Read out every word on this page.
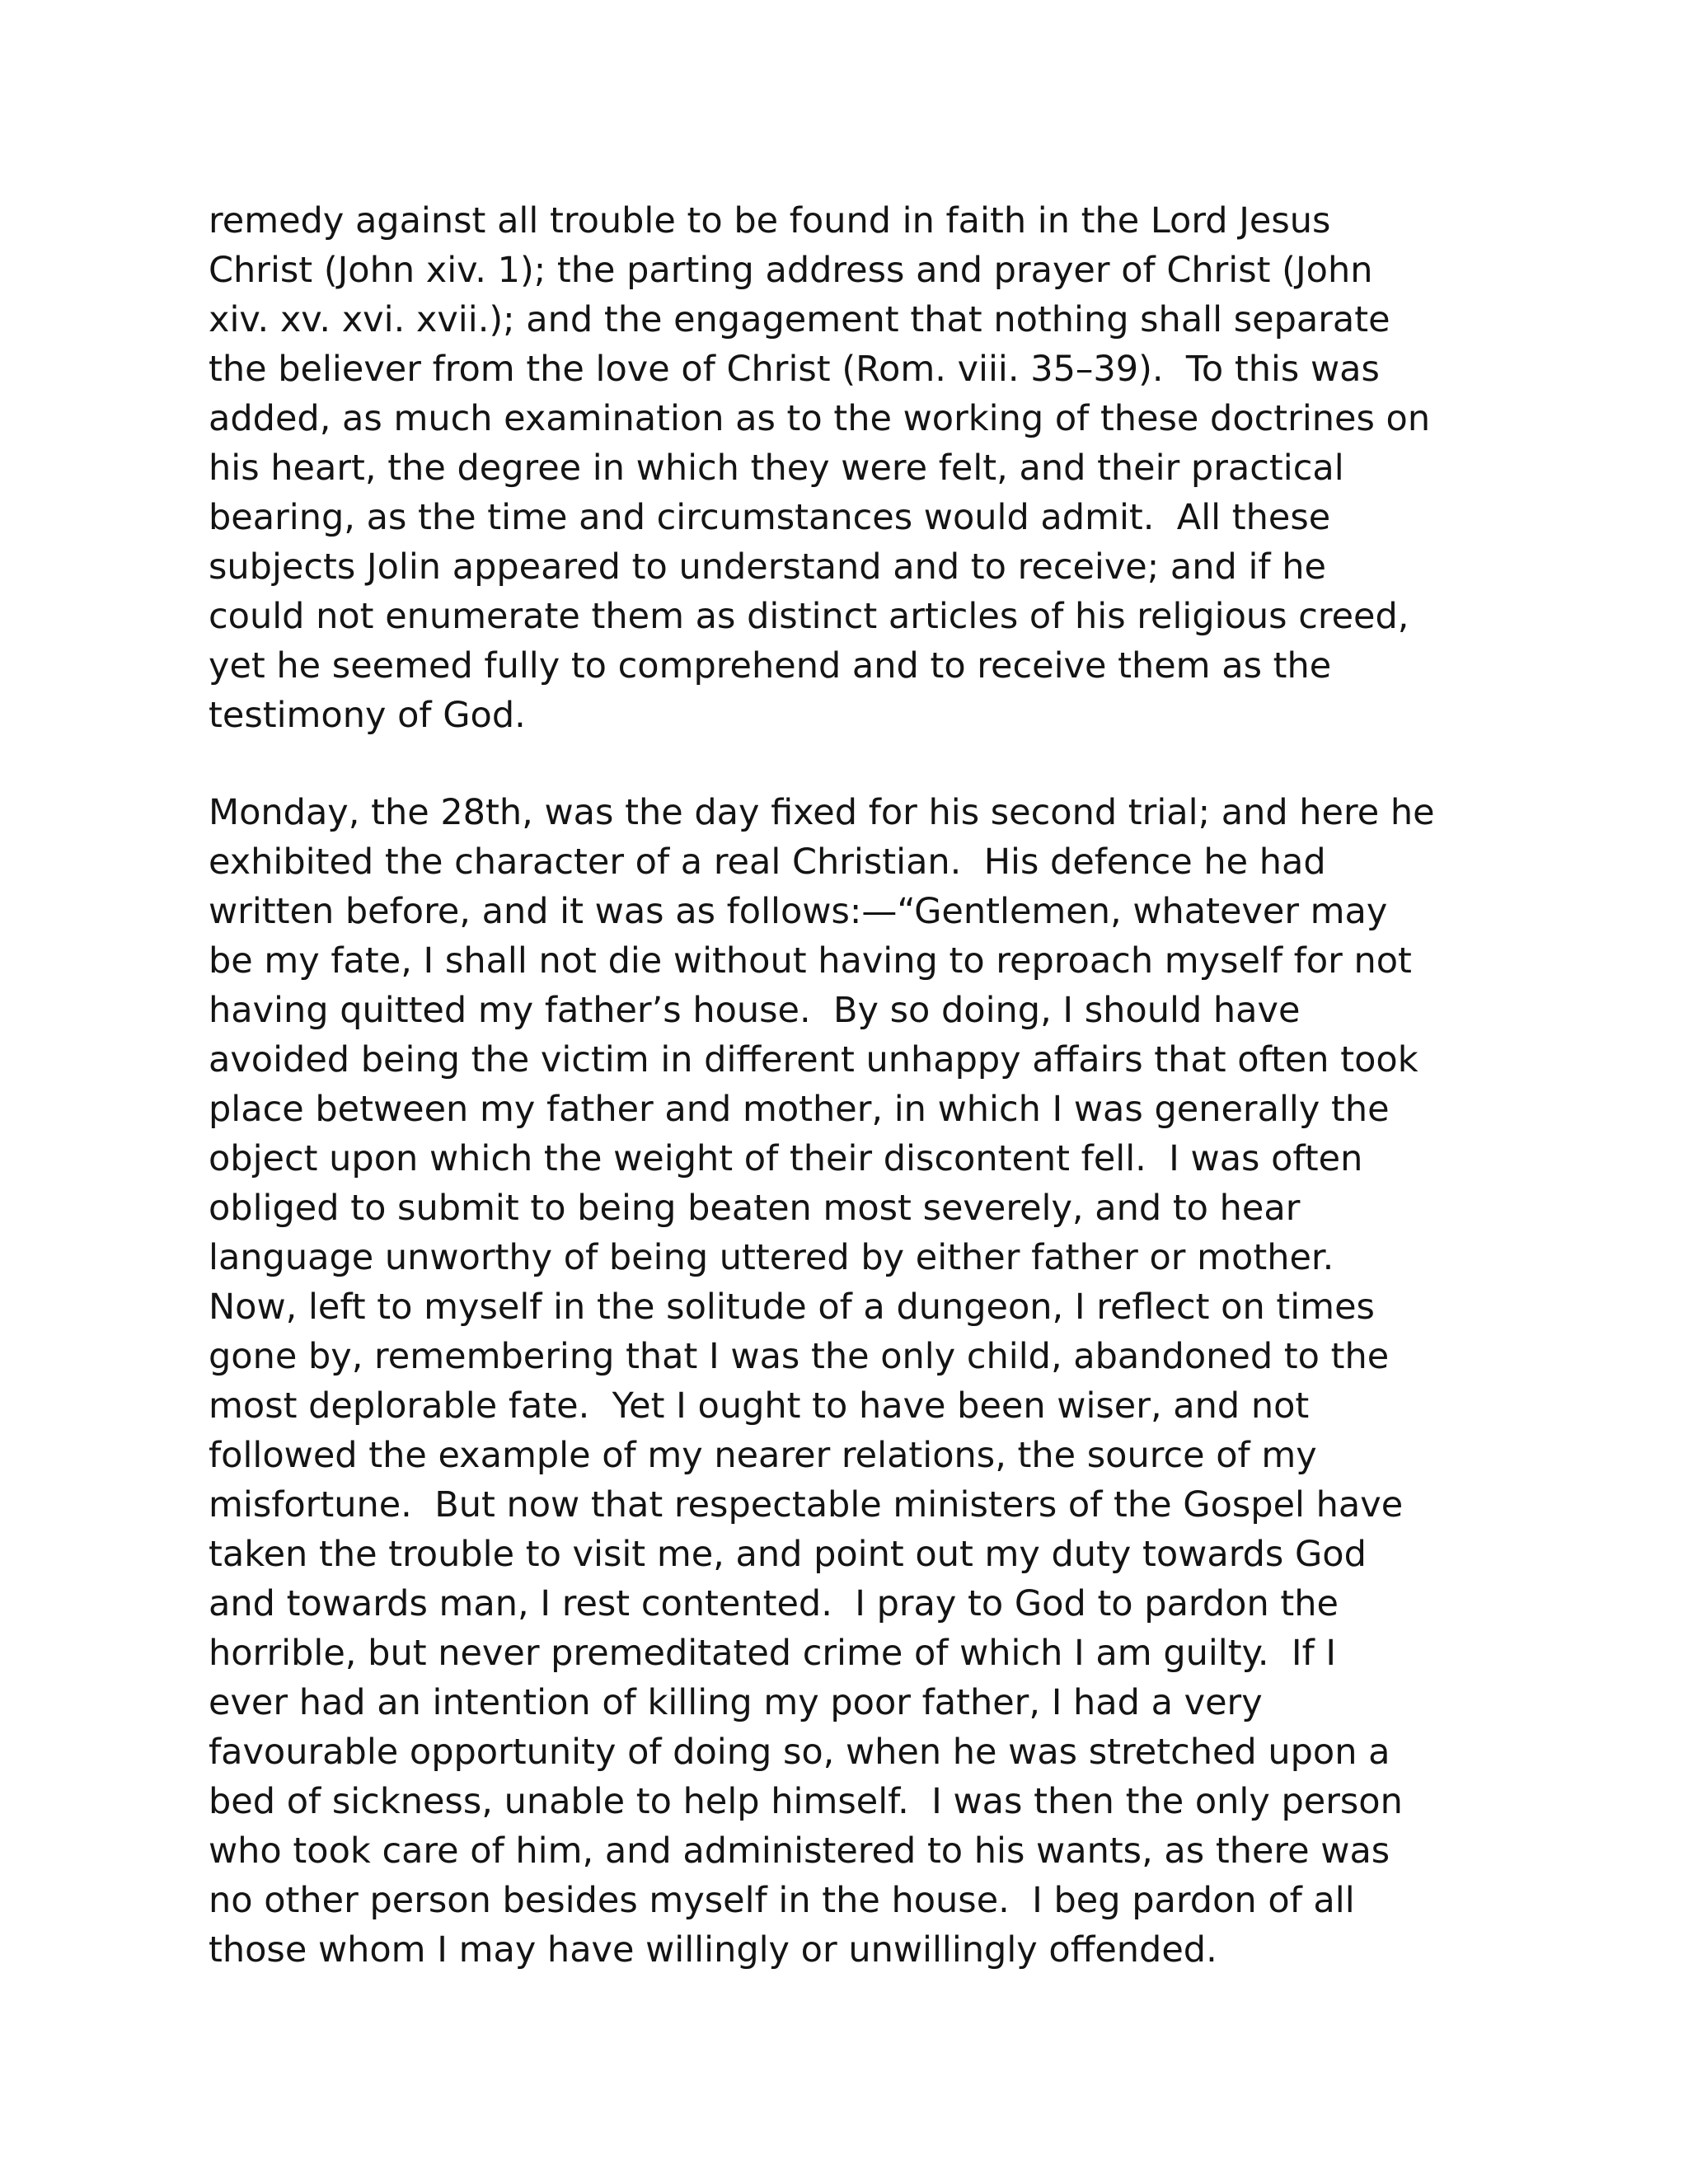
remedy against all trouble to be found in faith in the Lord Jesus
Christ (John xiv. 1); the parting address and prayer of Christ (John
xiv. xv. xvi. xvii.); and the engagement that nothing shall separate
the believer from the love of Christ (Rom. viii. 35–39).  To this was
added, as much examination as to the working of these doctrines on
his heart, the degree in which they were felt, and their practical
bearing, as the time and circumstances would admit.  All these
subjects Jolin appeared to understand and to receive; and if he
could not enumerate them as distinct articles of his religious creed,
yet he seemed fully to comprehend and to receive them as the
testimony of God.
Monday, the 28th, was the day fixed for his second trial; and here he
exhibited the character of a real Christian.  His defence he had
written before, and it was as follows:—“Gentlemen, whatever may
be my fate, I shall not die without having to reproach myself for not
having quitted my father’s house.  By so doing, I should have
avoided being the victim in different unhappy affairs that often took
place between my father and mother, in which I was generally the
object upon which the weight of their discontent fell.  I was often
obliged to submit to being beaten most severely, and to hear
language unworthy of being uttered by either father or mother.
Now, left to myself in the solitude of a dungeon, I reflect on times
gone by, remembering that I was the only child, abandoned to the
most deplorable fate.  Yet I ought to have been wiser, and not
followed the example of my nearer relations, the source of my
misfortune.  But now that respectable ministers of the Gospel have
taken the trouble to visit me, and point out my duty towards God
and towards man, I rest contented.  I pray to God to pardon the
horrible, but never premeditated crime of which I am guilty.  If I
ever had an intention of killing my poor father, I had a very
favourable opportunity of doing so, when he was stretched upon a
bed of sickness, unable to help himself.  I was then the only person
who took care of him, and administered to his wants, as there was
no other person besides myself in the house.  I beg pardon of all
those whom I may have willingly or unwillingly offended.
